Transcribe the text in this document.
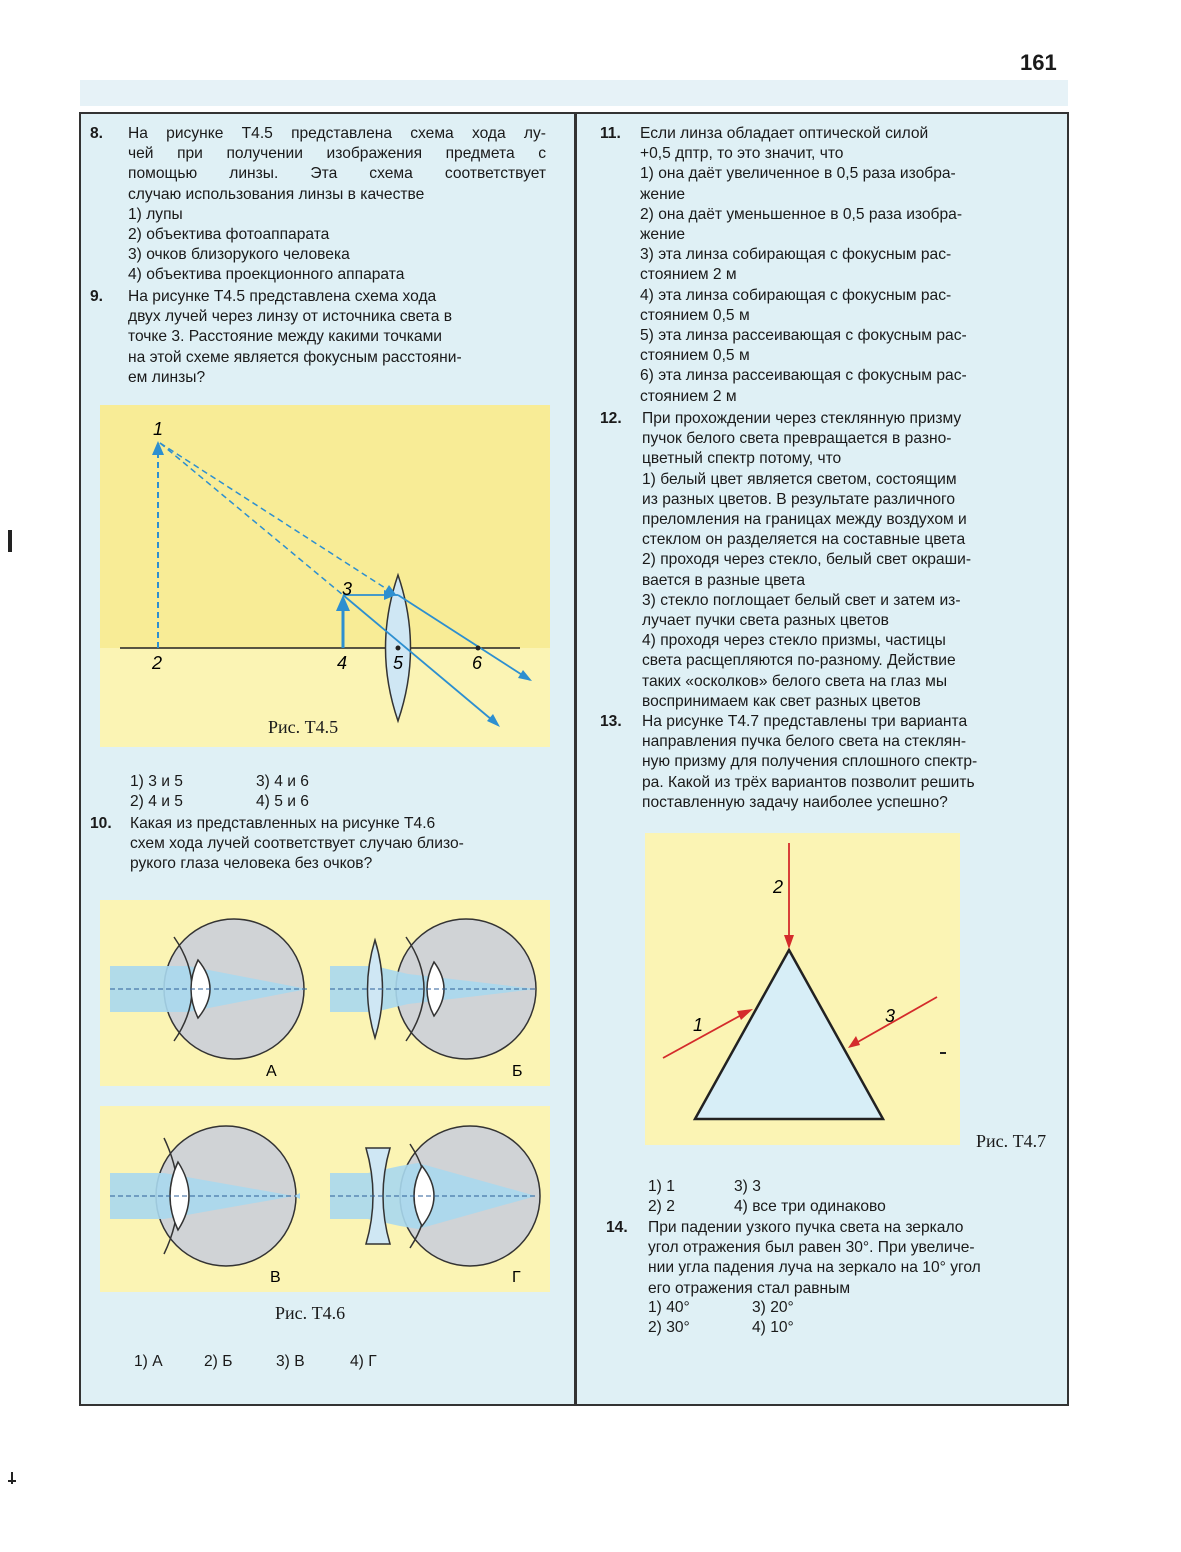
161
8. На рисунке Т4.5 представлена схема хода лу-
чей при получении изображения предмета с
помощью линзы. Эта схема соответствует
случаю использования линзы в качестве
1) лупы
2) объектива фотоаппарата
3) очков близорукого человека
4) объектива проекционного аппарата
9. На рисунке Т4.5 представлена схема хода
двух лучей через линзу от источника света в
точке 3. Расстояние между какими точками
на этой схеме является фокусным расстояни-
ем линзы?
1
2
3
4	5	6
Рис. Т4.5
1) 3 и 5	3) 4 и 6
2) 4 и 5	4) 5 и 6
10. Какая из представленных на рисунке Т4.6
схем хода лучей соответствует случаю близо-
рукого глаза человека без очков?
А	Б
В	Г
Рис. Т4.6
1) А	2) Б	3) В	4) Г
11. Если линза обладает оптической силой
+0,5 дптр, то это значит, что
1) она даёт увеличенное в 0,5 раза изобра-
жение
2) она даёт уменьшенное в 0,5 раза изобра-
жение
3) эта линза собирающая с фокусным рас-
стоянием 2 м
4) эта линза собирающая с фокусным рас-
стоянием 0,5 м
5) эта линза рассеивающая с фокусным рас-
стоянием 0,5 м
6) эта линза рассеивающая с фокусным рас-
стоянием 2 м
12. При прохождении через стеклянную призму
пучок белого света превращается в разно-
цветный спектр потому, что
1) белый цвет является светом, состоящим
из разных цветов. В результате различного
преломления на границах между воздухом и
стеклом он разделяется на составные цвета
2) проходя через стекло, белый свет окраши-
вается в разные цвета
3) стекло поглощает белый свет и затем из-
лучает пучки света разных цветов
4) проходя через стекло призмы, частицы
света расщепляются по-разному. Действие
таких «осколков» белого света на глаз мы
воспринимаем как свет разных цветов
13. На рисунке Т4.7 представлены три варианта
направления пучка белого света на стеклян-
ную призму для получения сплошного спектр-
ра. Какой из трёх вариантов позволит решить
поставленную задачу наиболее успешно?
2
1	3
Рис. Т4.7
1) 1	3) 3
2) 2	4) все три одинаково
14. При падении узкого пучка света на зеркало
угол отражения был равен 30°. При увеличе-
нии угла падения луча на зеркало на 10° угол
его отражения стал равным
1) 40°	3) 20°
2) 30°	4) 10°
